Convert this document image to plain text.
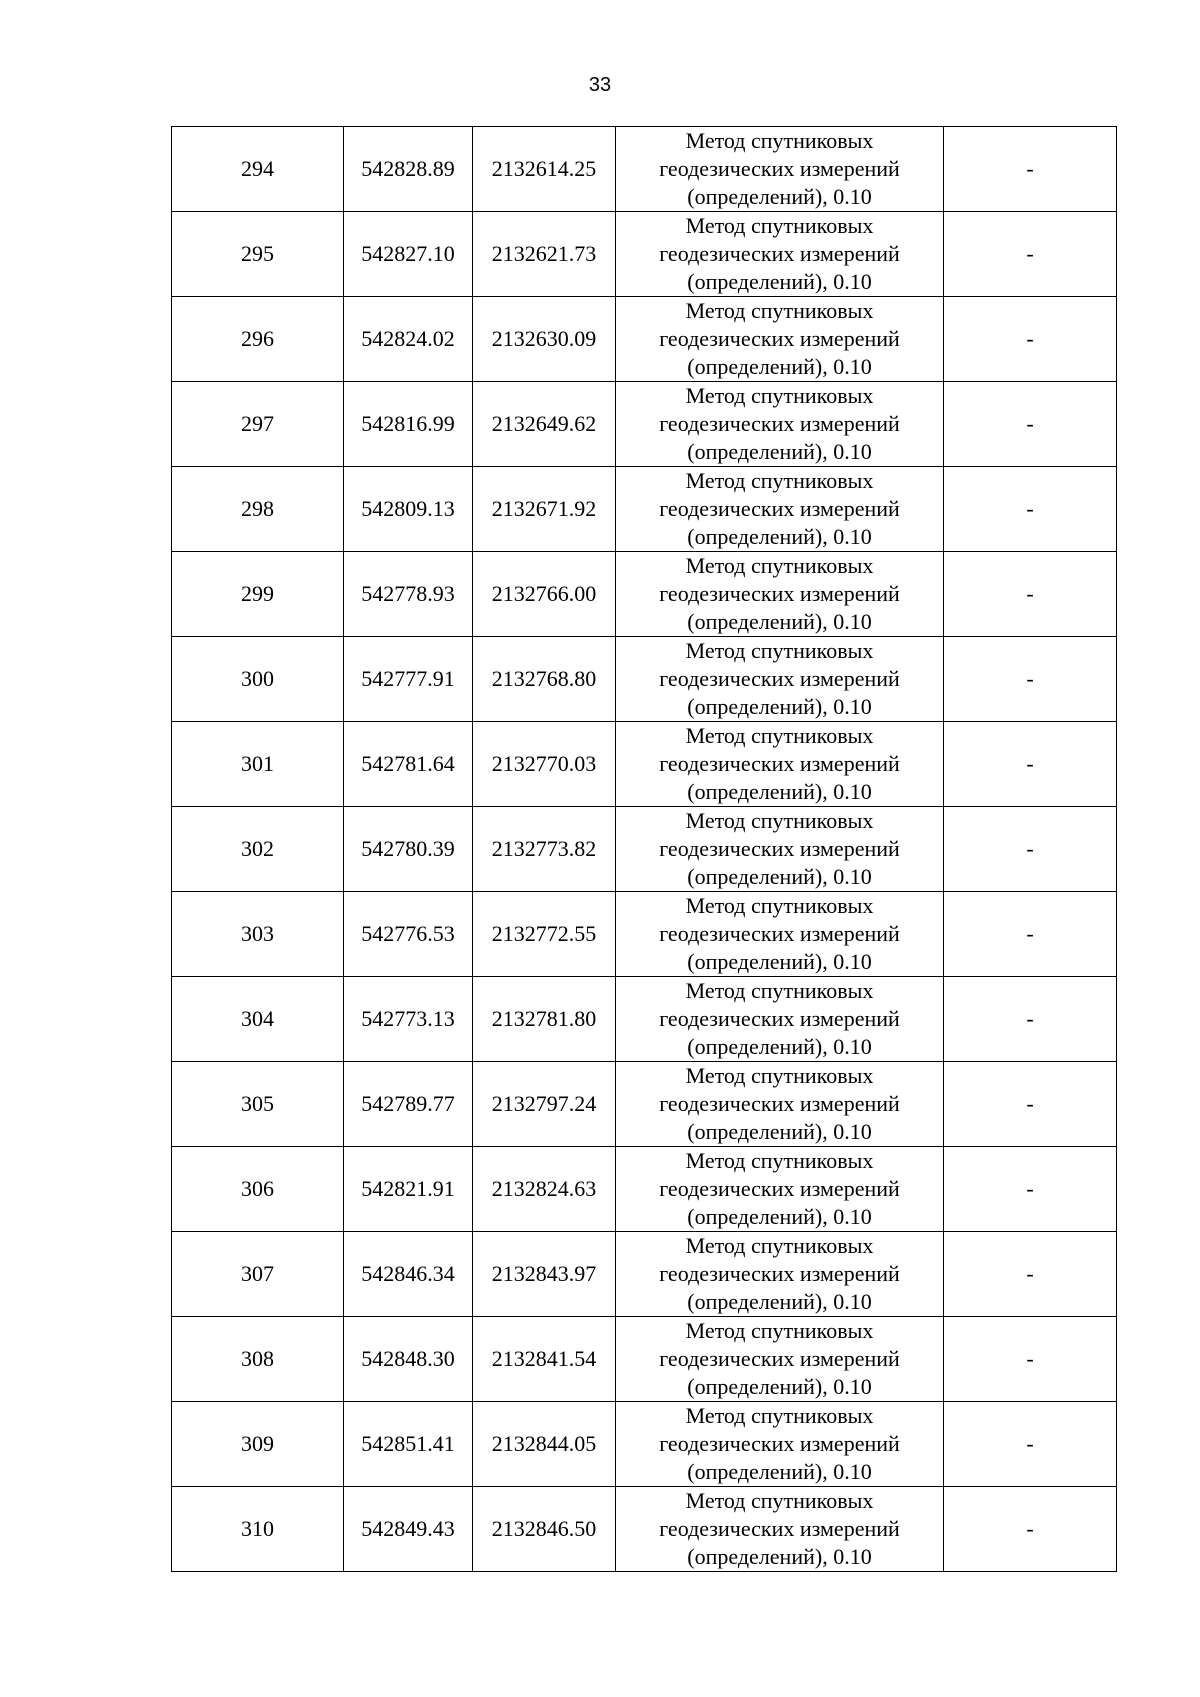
33
294	542828.89	2132614.25	Метод спутниковых
геодезических измерений
(определений), 0.10	-
295	542827.10	2132621.73	Метод спутниковых
геодезических измерений
(определений), 0.10	-
296	542824.02	2132630.09	Метод спутниковых
геодезических измерений
(определений), 0.10	-
297	542816.99	2132649.62	Метод спутниковых
геодезических измерений
(определений), 0.10	-
298	542809.13	2132671.92	Метод спутниковых
геодезических измерений
(определений), 0.10	-
299	542778.93	2132766.00	Метод спутниковых
геодезических измерений
(определений), 0.10	-
300	542777.91	2132768.80	Метод спутниковых
геодезических измерений
(определений), 0.10	-
301	542781.64	2132770.03	Метод спутниковых
геодезических измерений
(определений), 0.10	-
302	542780.39	2132773.82	Метод спутниковых
геодезических измерений
(определений), 0.10	-
303	542776.53	2132772.55	Метод спутниковых
геодезических измерений
(определений), 0.10	-
304	542773.13	2132781.80	Метод спутниковых
геодезических измерений
(определений), 0.10	-
305	542789.77	2132797.24	Метод спутниковых
геодезических измерений
(определений), 0.10	-
306	542821.91	2132824.63	Метод спутниковых
геодезических измерений
(определений), 0.10	-
307	542846.34	2132843.97	Метод спутниковых
геодезических измерений
(определений), 0.10	-
308	542848.30	2132841.54	Метод спутниковых
геодезических измерений
(определений), 0.10	-
309	542851.41	2132844.05	Метод спутниковых
геодезических измерений
(определений), 0.10	-
310	542849.43	2132846.50	Метод спутниковых
геодезических измерений
(определений), 0.10	-
